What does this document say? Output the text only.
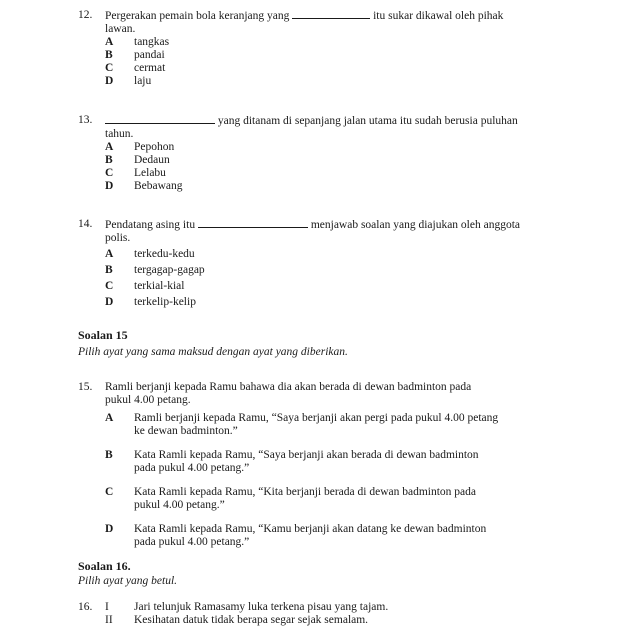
12.	Pergerakan pemain bola keranjang yang	itu sukar dikawal oleh pihak
lawan.
A	tangkas
B	pandai
C	cermat
D	laju
13.	yang ditanam di sepanjang jalan utama itu sudah berusia puluhan
tahun.
A	Pepohon
B	Dedaun
C	Lelabu
D	Bebawang
14.	Pendatang asing itu	menjawab soalan yang diajukan oleh anggota
polis.
A	terkedu-kedu
B	tergagap-gagap
C	terkial-kial
D	terkelip-kelip
Soalan 15
Pilih ayat yang sama maksud dengan ayat yang diberikan.
15.	Ramli berjanji kepada Ramu bahawa dia akan berada di dewan badminton pada
pukul 4.00 petang.
A	Ramli berjanji kepada Ramu, “Saya berjanji akan pergi pada pukul 4.00 petang
ke dewan badminton.”
B	Kata Ramli kepada Ramu, “Saya berjanji akan berada di dewan badminton
pada pukul 4.00 petang.”
C	Kata Ramli kepada Ramu, “Kita berjanji berada di dewan badminton pada
pukul 4.00 petang.”
D	Kata Ramli kepada Ramu, “Kamu berjanji akan datang ke dewan badminton
pada pukul 4.00 petang.”
Soalan 16.
Pilih ayat yang betul.
16.	I	Jari telunjuk Ramasamy luka terkena pisau yang tajam.
II	Kesihatan datuk tidak berapa segar sejak semalam.
